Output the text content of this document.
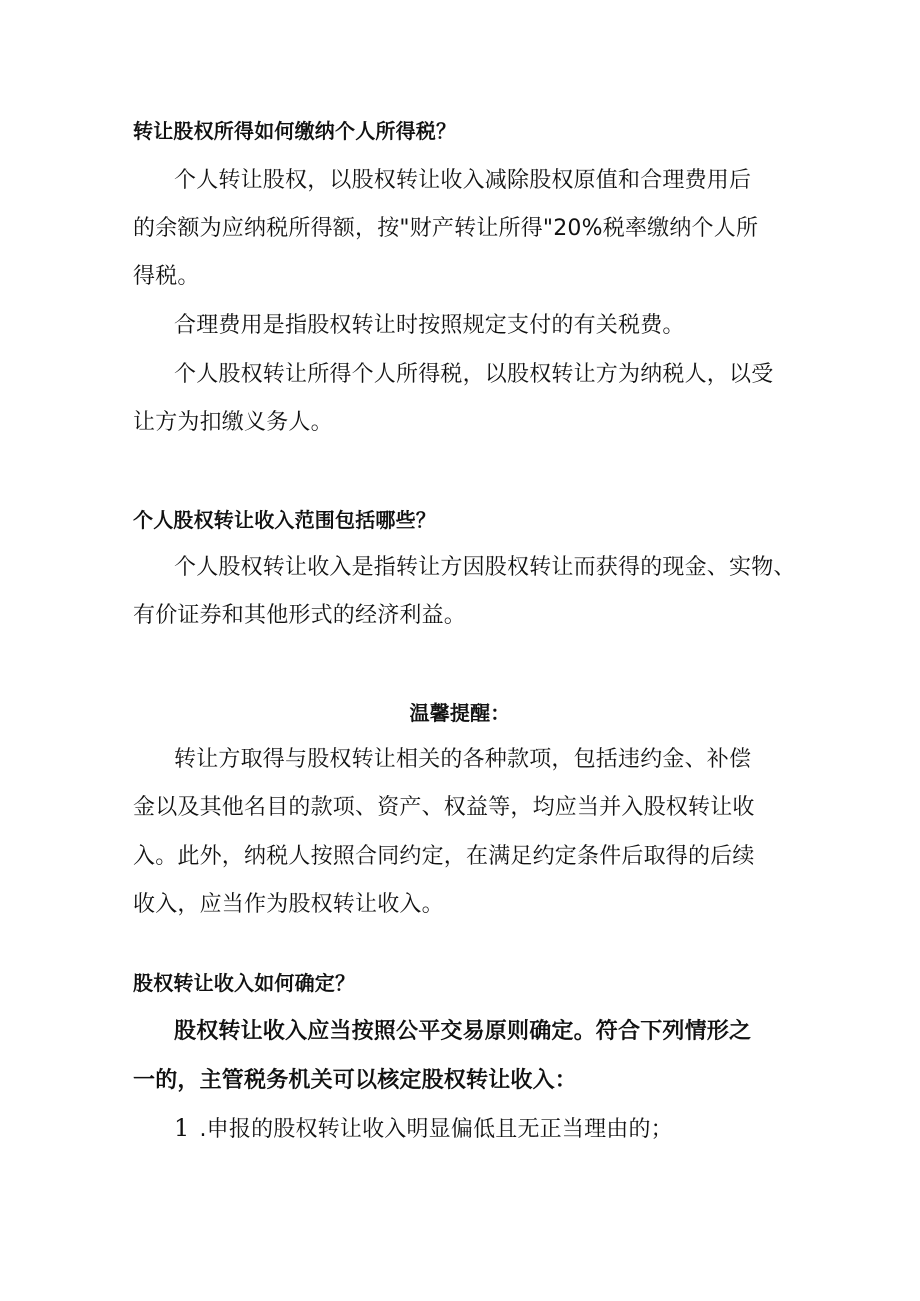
转让股权所得如何缴纳个人所得税？
个人转让股权，以股权转让收入减除股权原值和合理费用后
的余额为应纳税所得额，按"财产转让所得"20%税率缴纳个人所
得税。
合理费用是指股权转让时按照规定支付的有关税费。
个人股权转让所得个人所得税，以股权转让方为纳税人，以受
让方为扣缴义务人。
个人股权转让收入范围包括哪些？
个人股权转让收入是指转让方因股权转让而获得的现金、实物、
有价证券和其他形式的经济利益。
温馨提醒：
转让方取得与股权转让相关的各种款项，包括违约金、补偿
金以及其他名目的款项、资产、权益等，均应当并入股权转让收
入。此外，纳税人按照合同约定，在满足约定条件后取得的后续
收入，应当作为股权转让收入。
股权转让收入如何确定？
股权转让收入应当按照公平交易原则确定。符合下列情形之
一的，主管税务机关可以核定股权转让收入：
1 .申报的股权转让收入明显偏低且无正当理由的；
